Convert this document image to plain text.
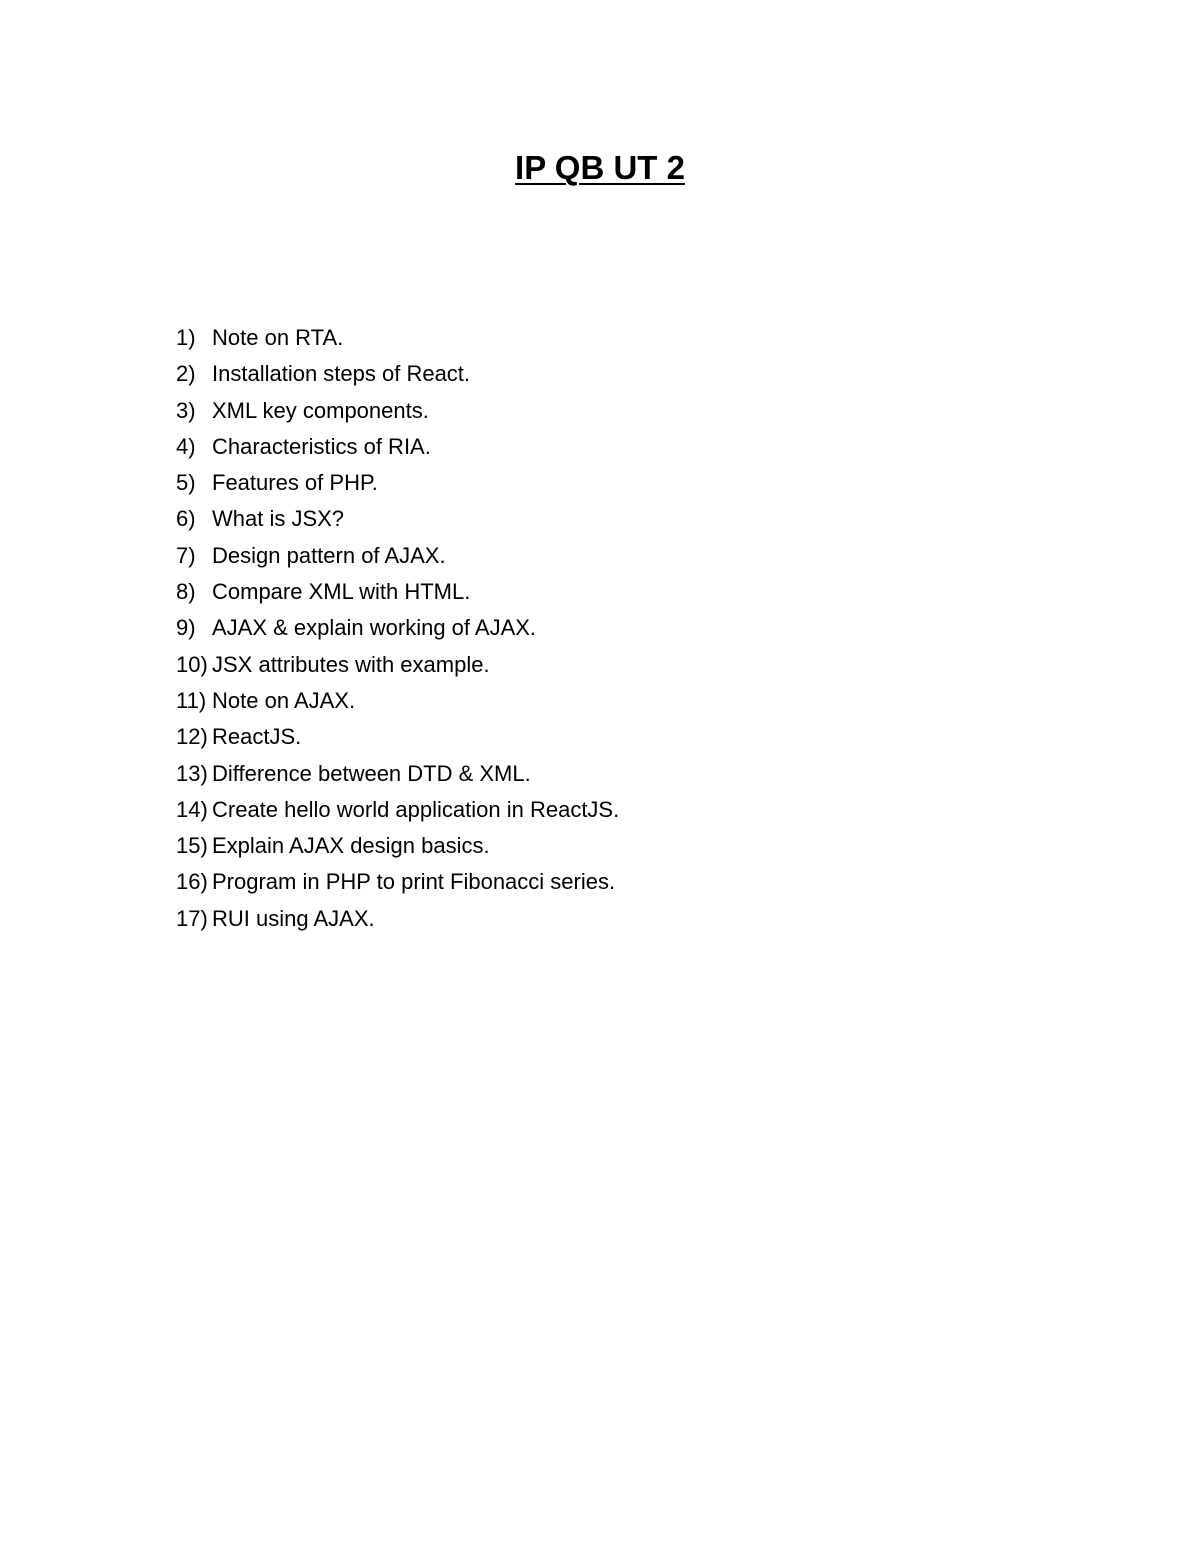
IP QB UT 2
1) Note on RTA.
2) Installation steps of React.
3) XML key components.
4) Characteristics of RIA.
5) Features of PHP.
6) What is JSX?
7) Design pattern of AJAX.
8) Compare XML with HTML.
9) AJAX & explain working of AJAX.
10) JSX attributes with example.
11) Note on AJAX.
12) ReactJS.
13) Difference between DTD & XML.
14) Create hello world application in ReactJS.
15) Explain AJAX design basics.
16) Program in PHP to print Fibonacci series.
17) RUI using AJAX.
